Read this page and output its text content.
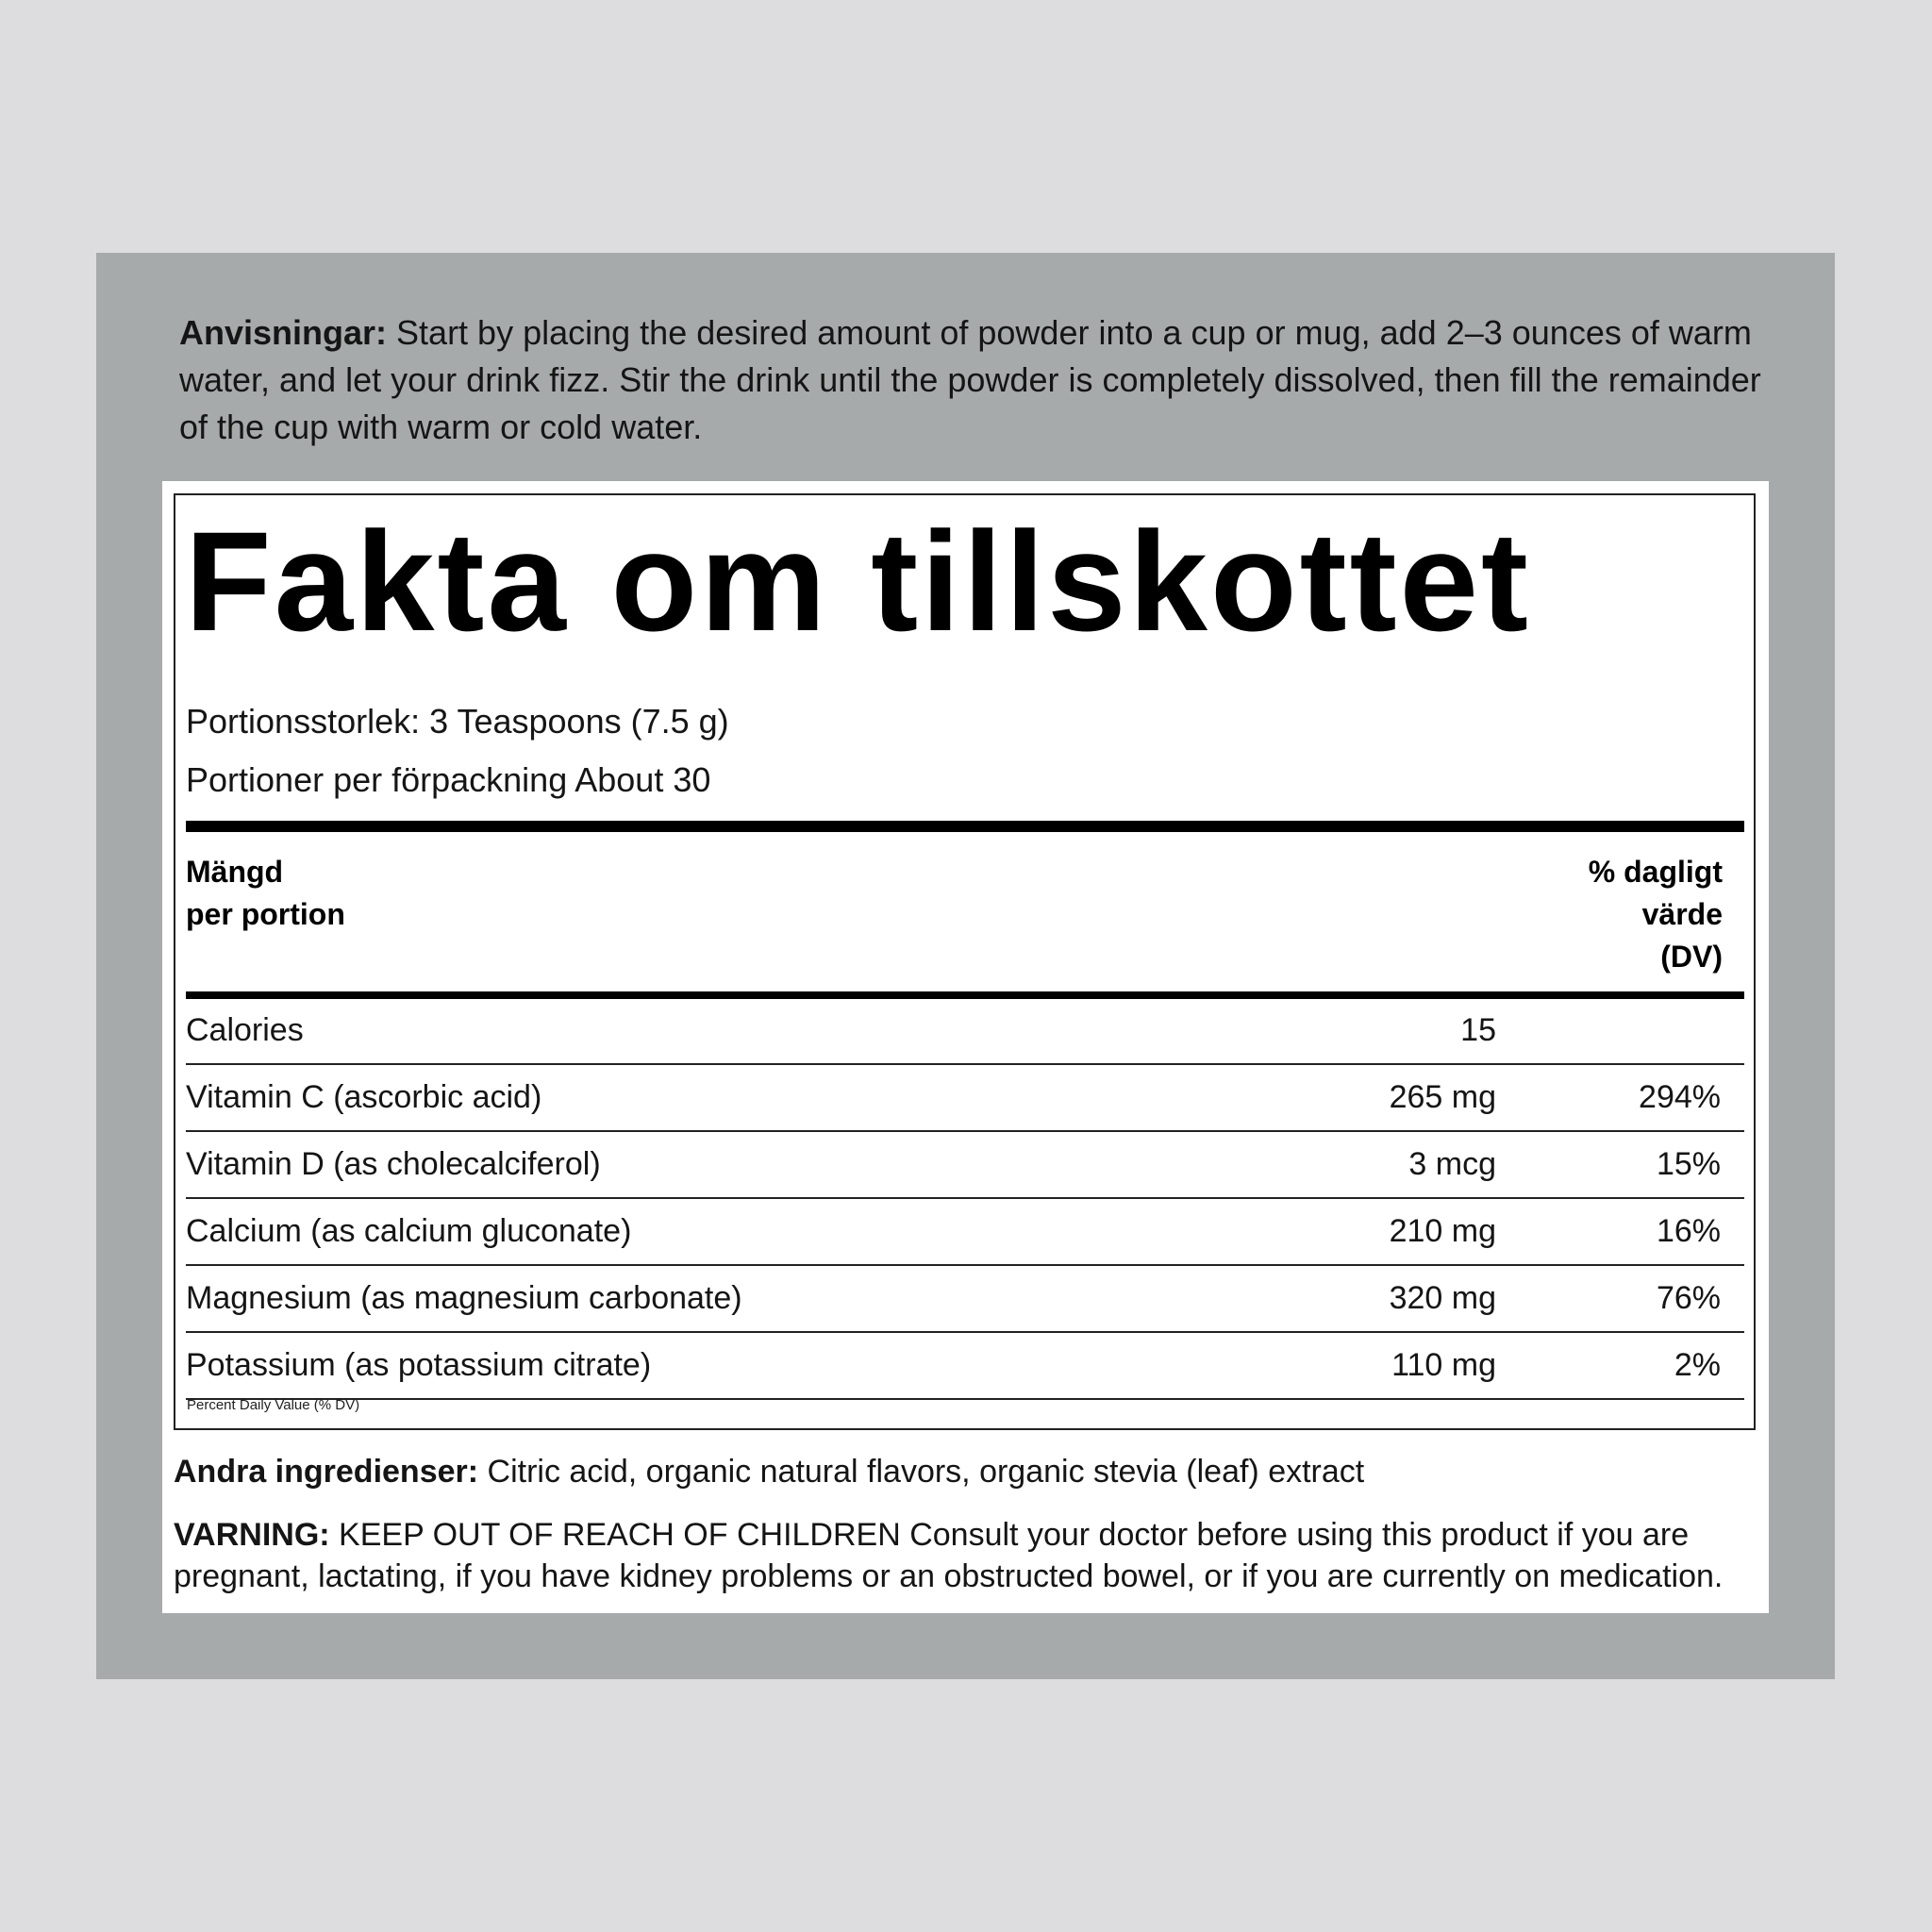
Anvisningar: Start by placing the desired amount of powder into a cup or mug, add 2–3 ounces of warm water, and let your drink fizz. Stir the drink until the powder is completely dissolved, then fill the remainder of the cup with warm or cold water.
Fakta om tillskottet
Portionsstorlek: 3 Teaspoons (7.5 g)
Portioner per förpackning About 30
Mängd
per portion
% dagligt
värde
(DV)
Calories	15
Vitamin C (ascorbic acid)	265 mg	294%
Vitamin D (as cholecalciferol)	3 mcg	15%
Calcium (as calcium gluconate)	210 mg	16%
Magnesium (as magnesium carbonate)	320 mg	76%
Potassium (as potassium citrate)	110 mg	2%
Percent Daily Value (% DV)
Andra ingredienser: Citric acid, organic natural flavors, organic stevia (leaf) extract
VARNING: KEEP OUT OF REACH OF CHILDREN Consult your doctor before using this product if you are pregnant, lactating, if you have kidney problems or an obstructed bowel, or if you are currently on medication.
